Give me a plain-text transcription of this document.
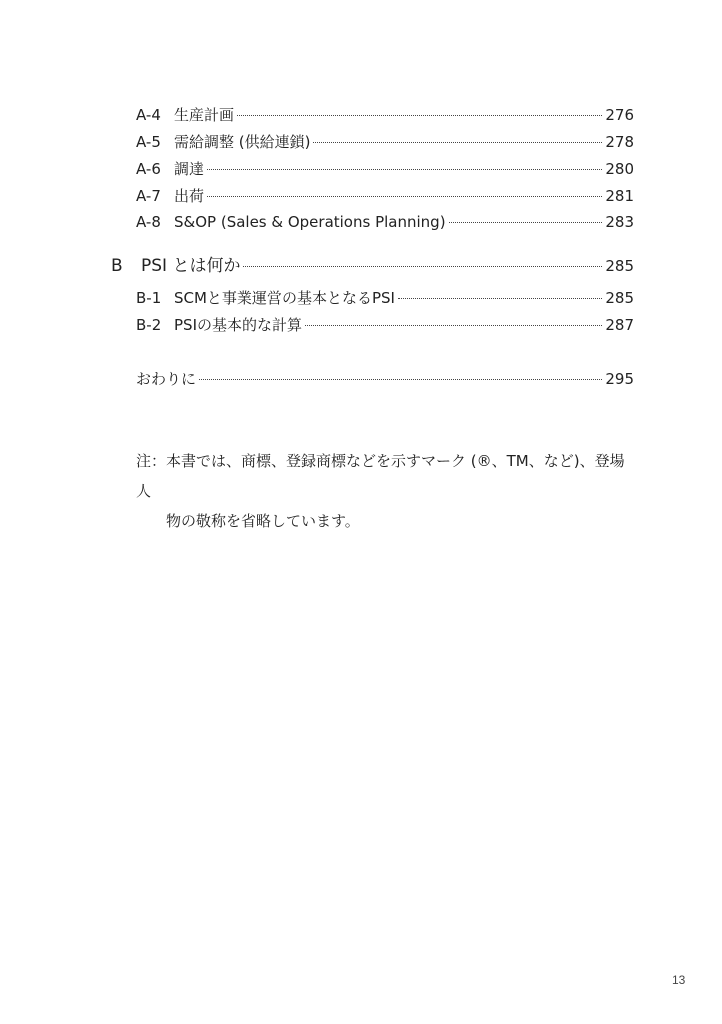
A-4 生産計画	276
A-5 需給調整 (供給連鎖)	278
A-6 調達	280
A-7 出荷	281
A-8 S&OP (Sales & Operations Planning)	283
B	PSI とは何か	285
B-1 SCMと事業運営の基本となるPSI	285
B-2 PSIの基本的な計算	287
おわりに	295
注：本書では、商標、登録商標などを示すマーク (®、TM、など)、登場人
物の敬称を省略しています。
13
